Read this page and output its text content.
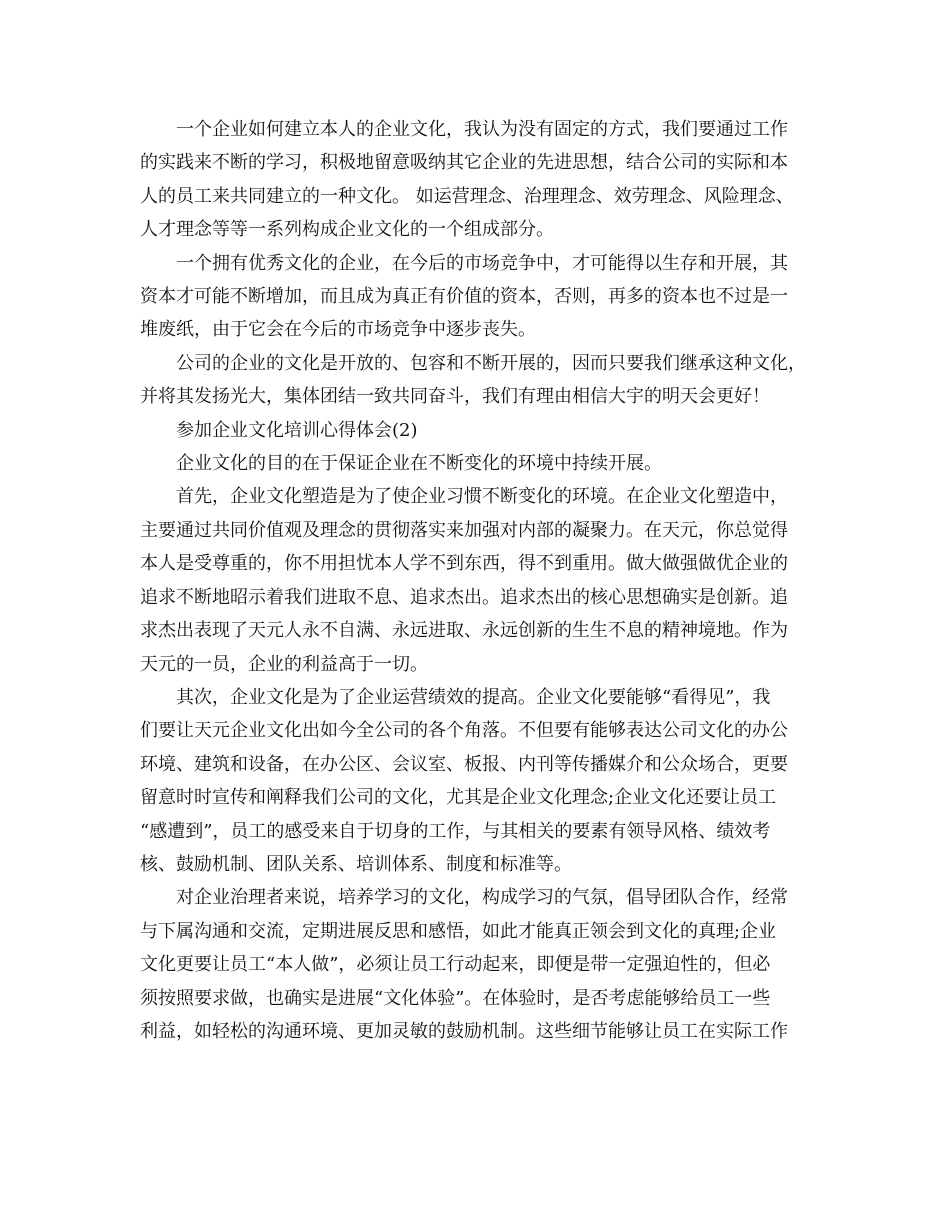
一个企业如何建立本人的企业文化，我认为没有固定的方式，我们要通过工作
的实践来不断的学习，积极地留意吸纳其它企业的先进思想，结合公司的实际和本
人的员工来共同建立的一种文化。 如运营理念、治理理念、效劳理念、风险理念、
人才理念等等一系列构成企业文化的一个组成部分。

一个拥有优秀文化的企业，在今后的市场竞争中，才可能得以生存和开展，其
资本才可能不断增加，而且成为真正有价值的资本，否则，再多的资本也不过是一
堆废纸，由于它会在今后的市场竞争中逐步丧失。

公司的企业的文化是开放的、包容和不断开展的，因而只要我们继承这种文化，
并将其发扬光大，集体团结一致共同奋斗，我们有理由相信大宇的明天会更好！

参加企业文化培训心得体会(2)

企业文化的目的在于保证企业在不断变化的环境中持续开展。

首先，企业文化塑造是为了使企业习惯不断变化的环境。在企业文化塑造中，
主要通过共同价值观及理念的贯彻落实来加强对内部的凝聚力。在天元，你总觉得
本人是受尊重的，你不用担忧本人学不到东西，得不到重用。做大做强做优企业的
追求不断地昭示着我们进取不息、追求杰出。追求杰出的核心思想确实是创新。追
求杰出表现了天元人永不自满、永远进取、永远创新的生生不息的精神境地。作为
天元的一员，企业的利益高于一切。

其次，企业文化是为了企业运营绩效的提高。企业文化要能够“看得见”，我
们要让天元企业文化出如今全公司的各个角落。不但要有能够表达公司文化的办公
环境、建筑和设备，在办公区、会议室、板报、内刊等传播媒介和公众场合，更要
留意时时宣传和阐释我们公司的文化，尤其是企业文化理念;企业文化还要让员工
“感遭到”，员工的感受来自于切身的工作，与其相关的要素有领导风格、绩效考
核、鼓励机制、团队关系、培训体系、制度和标准等。

对企业治理者来说，培养学习的文化，构成学习的气氛，倡导团队合作，经常
与下属沟通和交流，定期进展反思和感悟，如此才能真正领会到文化的真理;企业
文化更要让员工“本人做”，必须让员工行动起来，即便是带一定强迫性的，但必
须按照要求做，也确实是进展“文化体验”。在体验时，是否考虑能够给员工一些
利益，如轻松的沟通环境、更加灵敏的鼓励机制。这些细节能够让员工在实际工作
